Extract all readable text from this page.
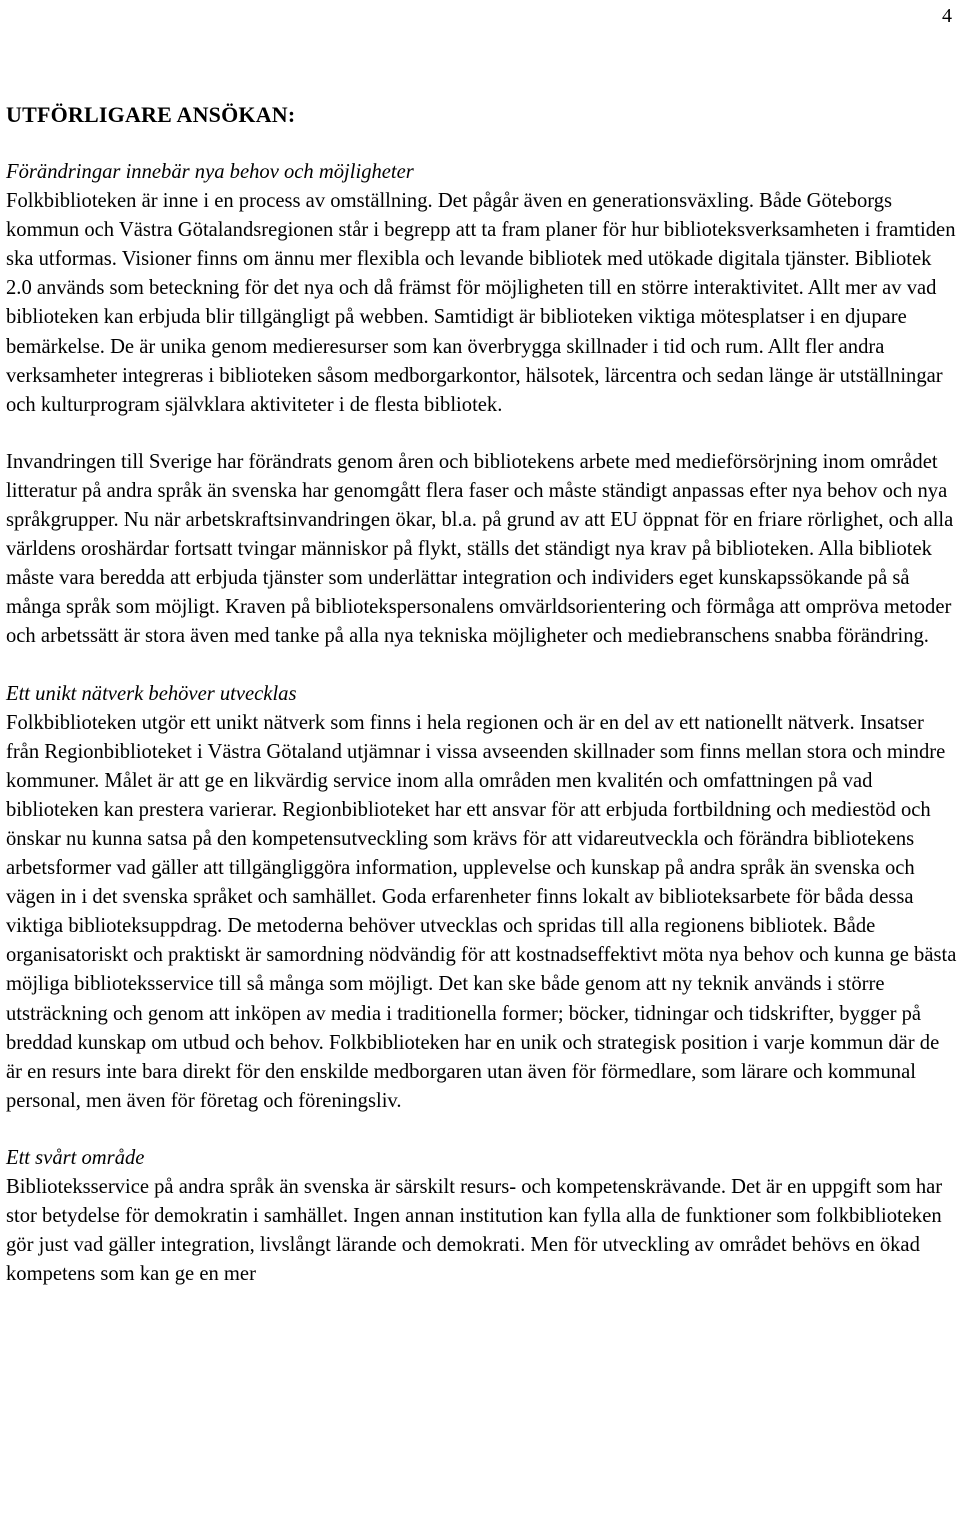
4

UTFÖRLIGARE ANSÖKAN:

Förändringar innebär nya behov och möjligheter

Folkbiblioteken är inne i en process av omställning. Det pågår även en generationsväxling. Både Göteborgs kommun och Västra Götalandsregionen står i begrepp att ta fram planer för hur biblioteksverksamheten i framtiden ska utformas. Visioner finns om ännu mer flexibla och levande bibliotek med utökade digitala tjänster. Bibliotek 2.0 används som beteckning för det nya och då främst för möjligheten till en större interaktivitet. Allt mer av vad biblioteken kan erbjuda blir tillgängligt på webben. Samtidigt är biblioteken viktiga mötesplatser i en djupare bemärkelse. De är unika genom medieresurser som kan överbrygga skillnader i tid och rum. Allt fler andra verksamheter integreras i biblioteken såsom medborgarkontor, hälsotek, lärcentra och sedan länge är utställningar och kulturprogram självklara aktiviteter i de flesta bibliotek.

Invandringen till Sverige har förändrats genom åren och bibliotekens arbete med medieförsörjning inom området litteratur på andra språk än svenska har genomgått flera faser och måste ständigt anpassas efter nya behov och nya språkgrupper. Nu när arbetskraftsinvandringen ökar, bl.a. på grund av att EU öppnat för en friare rörlighet, och alla världens oroshärdar fortsatt tvingar människor på flykt, ställs det ständigt nya krav på biblioteken. Alla bibliotek måste vara beredda att erbjuda tjänster som underlättar integration och individers eget kunskapssökande på så många språk som möjligt. Kraven på bibliotekspersonalens omvärldsorientering och förmåga att ompröva metoder och arbetssätt är stora även med tanke på alla nya tekniska möjligheter och mediebranschens snabba förändring.

Ett unikt nätverk behöver utvecklas

Folkbiblioteken utgör ett unikt nätverk som finns i hela regionen och är en del av ett nationellt nätverk. Insatser från Regionbiblioteket i Västra Götaland utjämnar i vissa avseenden skillnader som finns mellan stora och mindre kommuner. Målet är att ge en likvärdig service inom alla områden men kvalitén och omfattningen på vad biblioteken kan prestera varierar. Regionbiblioteket har ett ansvar för att erbjuda fortbildning och mediestöd och önskar nu kunna satsa på den kompetensutveckling som krävs för att vidareutveckla och förändra bibliotekens arbetsformer vad gäller att tillgängliggöra information, upplevelse och kunskap på andra språk än svenska och vägen in i det svenska språket och samhället. Goda erfarenheter finns lokalt av biblioteksarbete för båda dessa viktiga biblioteksuppdrag. De metoderna behöver utvecklas och spridas till alla regionens bibliotek. Både organisatoriskt och praktiskt är samordning nödvändig för att kostnadseffektivt möta nya behov och kunna ge bästa möjliga biblioteksservice till så många som möjligt. Det kan ske både genom att ny teknik används i större utsträckning och genom att inköpen av media i traditionella former; böcker, tidningar och tidskrifter, bygger på breddad kunskap om utbud och behov. Folkbiblioteken har en unik och strategisk position i varje kommun där de är en resurs inte bara direkt för den enskilde medborgaren utan även för förmedlare, som lärare och kommunal personal, men även för företag och föreningsliv.

Ett svårt område

Biblioteksservice på andra språk än svenska är särskilt resurs- och kompetenskrävande. Det är en uppgift som har stor betydelse för demokratin i samhället. Ingen annan institution kan fylla alla de funktioner som folkbiblioteken gör just vad gäller integration, livslångt lärande och demokrati. Men för utveckling av området behövs en ökad kompetens som kan ge en mer
